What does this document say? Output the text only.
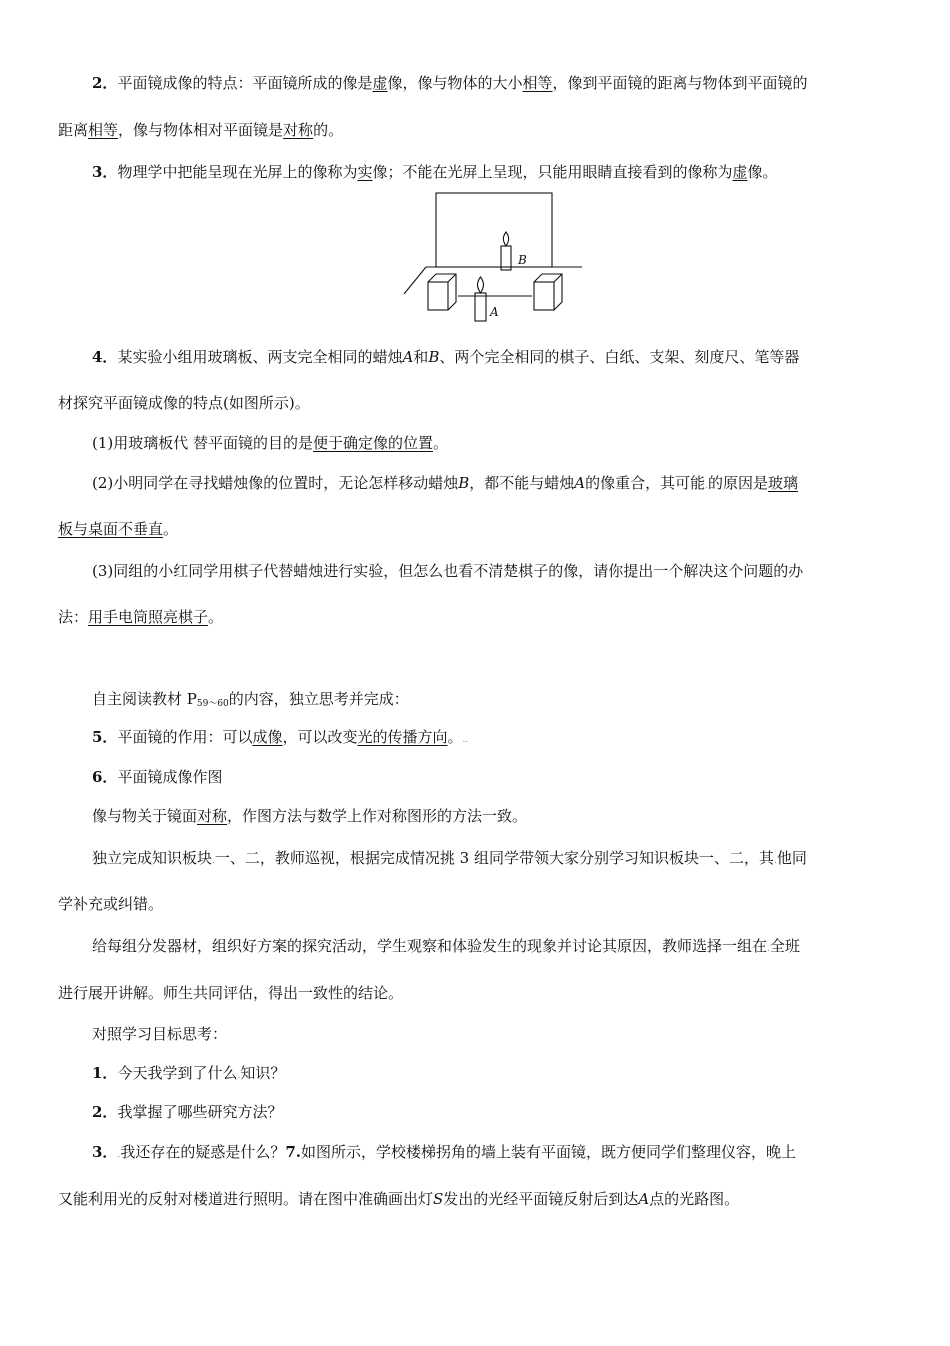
2．平面镜成像的特点：平面镜所成的像是虚像，像与物体的大小相等，像到平面镜的距离与物体到平面镜的
距离相等，像与物体相对平面镜是对称的。
3．物理学中把能呈现在光屏上的像称为实像；不能在光屏上呈现，只能用眼睛直接看到的像称为虚像。
B
A
4．某实验小组用玻璃板、两支完全相同的蜡烛A和B、两个完全相同的棋子、白纸、支架、刻度尺、笔等器
材探究平面镜成像的特点(如图所示)。
(1)用玻璃板代 替平面镜的目的是便于确定像的位置。
(2)小明同学在寻找蜡烛像的位置时，无论怎样移动蜡烛B，都不能与蜡烛A的像重合，其可能.的原因是玻璃
板与桌面不垂直。
(3)同组的小红同学用棋子代替蜡烛进行实验，但怎么也看不清楚棋子的像，请你提出一个解决这个问题的办
法：用手电筒照亮棋子。
自主阅读教材 $P_{59\sim 60}$的内容，独立思考并完成：
5．平面镜的作用：可以成像，可以改变光的传播方向。..
6．平面镜成像作图
像与物关于镜面对称，作图方法与数学上作对称图形的方法一致。
独立完成知识板块.一、二，教师巡视，根据完成情况挑 3 组同学带领大家分别学习知识板块一、二，其.他同
学补充或纠错。
给每组分发器材，组织好方案的探究活动，学生观察和体验发生的现象并讨论其原因，教师选择一组在.全班
进行展开讲解。师生共同评估，得出一致性的结论。
对照学习目标思考：
1．今天我学到了什么.知识？
2．我掌握了哪些研究方法？
3．.我还存在的疑惑是什么？7.如图所示，学校楼梯拐角的墙上装有平面镜，既方便同学们整理仪容，晚上
又能利用光的反射对楼道进行照明。请在图中准确画出灯S发出的光经平面镜反射后到达A点的光路图。
